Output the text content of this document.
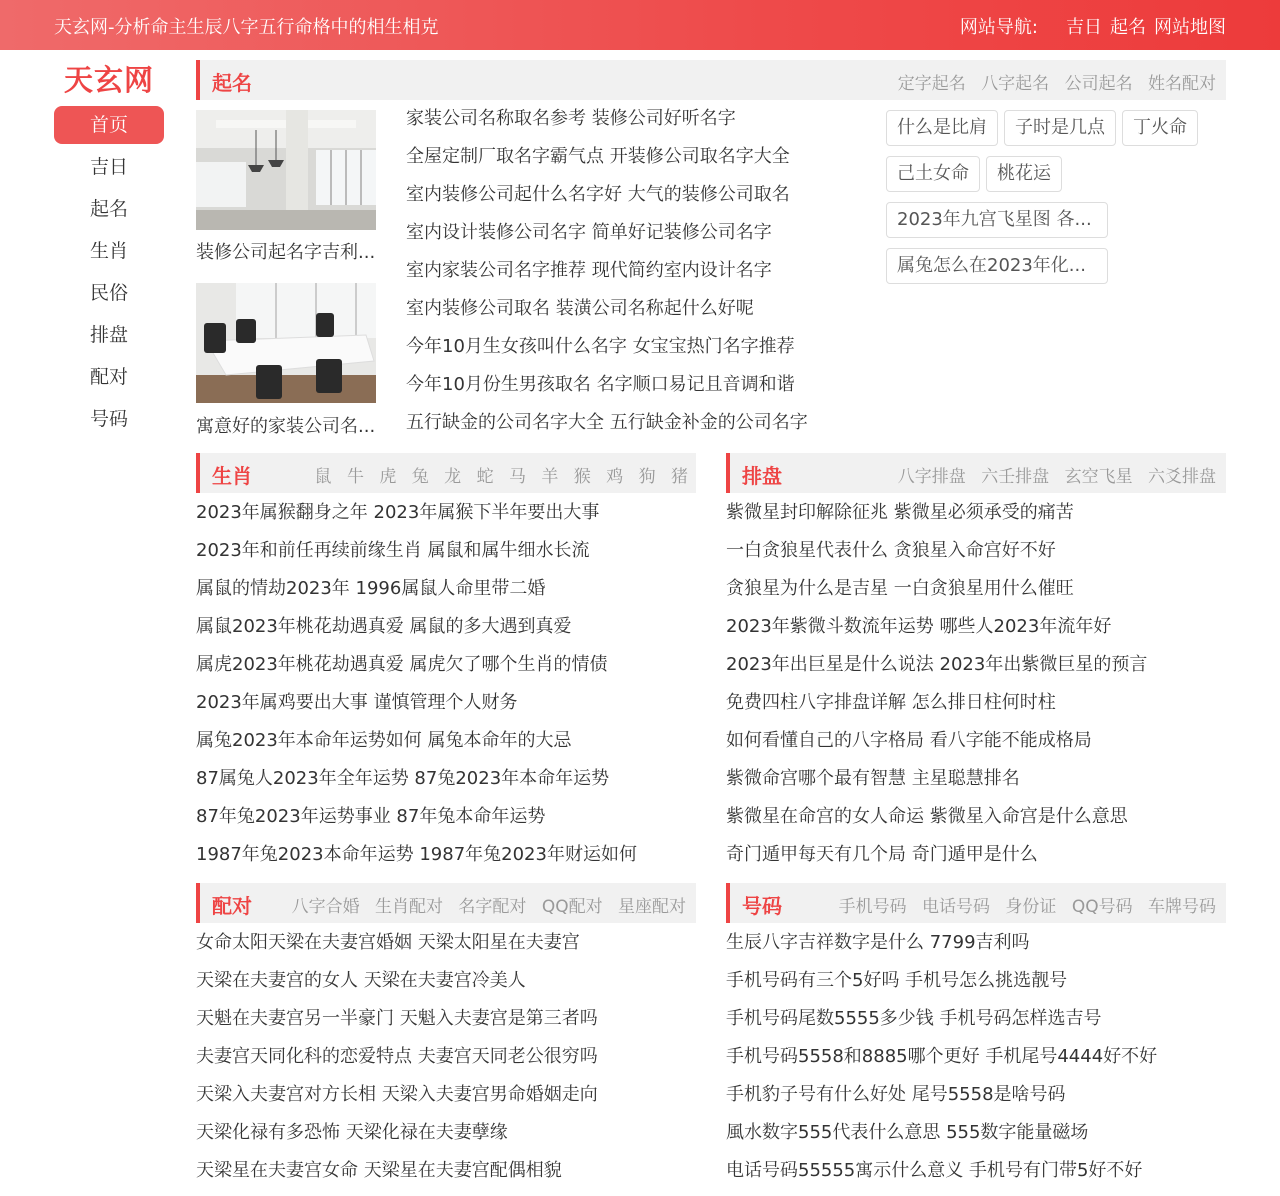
天玄网-分析命主生辰八字五行命格中的相生相克	网站导航: 吉日 起名 网站地图
天玄网
首页
吉日
起名
生肖
民俗
排盘
配对
号码
起名	定字起名 八字起名 公司起名 姓名配对
装修公司起名字吉利...
寓意好的家装公司名...
家装公司名称取名参考 装修公司好听名字
全屋定制厂取名字霸气点 开装修公司取名字大全
室内装修公司起什么名字好 大气的装修公司取名
室内设计装修公司名字 简单好记装修公司名字
室内家装公司名字推荐 现代简约室内设计名字
室内装修公司取名 装潢公司名称起什么好呢
今年10月生女孩叫什么名字 女宝宝热门名字推荐
今年10月份生男孩取名 名字顺口易记且音调和谐
五行缺金的公司名字大全 五行缺金补金的公司名字
什么是比肩 子时是几点 丁火命
己土女命 桃花运
2023年九宫飞星图 各...
属兔怎么在2023年化...
生肖	鼠 牛 虎 兔 龙 蛇 马 羊 猴 鸡 狗 猪
2023年属猴翻身之年 2023年属猴下半年要出大事
2023年和前任再续前缘生肖 属鼠和属牛细水长流
属鼠的情劫2023年 1996属鼠人命里带二婚
属鼠2023年桃花劫遇真爱 属鼠的多大遇到真爱
属虎2023年桃花劫遇真爱 属虎欠了哪个生肖的情债
2023年属鸡要出大事 谨慎管理个人财务
属兔2023年本命年运势如何 属兔本命年的大忌
87属兔人2023年全年运势 87兔2023年本命年运势
87年兔2023年运势事业 87年兔本命年运势
1987年兔2023本命年运势 1987年兔2023年财运如何
排盘	八字排盘 六壬排盘 玄空飞星 六爻排盘
紫微星封印解除征兆 紫微星必须承受的痛苦
一白贪狼星代表什么 贪狼星入命宫好不好
贪狼星为什么是吉星 一白贪狼星用什么催旺
2023年紫微斗数流年运势 哪些人2023年流年好
2023年出巨星是什么说法 2023年出紫微巨星的预言
免费四柱八字排盘详解 怎么排日柱何时柱
如何看懂自己的八字格局 看八字能不能成格局
紫微命宫哪个最有智慧 主星聪慧排名
紫微星在命宫的女人命运 紫微星入命宫是什么意思
奇门遁甲每天有几个局 奇门遁甲是什么
配对	八字合婚 生肖配对 名字配对 QQ配对 星座配对
女命太阳天梁在夫妻宫婚姻 天梁太阳星在夫妻宫
天梁在夫妻宫的女人 天梁在夫妻宫冷美人
天魁在夫妻宫另一半豪门 天魁入夫妻宫是第三者吗
夫妻宫天同化科的恋爱特点 夫妻宫天同老公很穷吗
天梁入夫妻宫对方长相 天梁入夫妻宫男命婚姻走向
天梁化禄有多恐怖 天梁化禄在夫妻孽缘
天梁星在夫妻宫女命 天梁星在夫妻宫配偶相貌
号码	手机号码 电话号码 身份证 QQ号码 车牌号码
生辰八字吉祥数字是什么 7799吉利吗
手机号码有三个5好吗 手机号怎么挑选靓号
手机号码尾数5555多少钱 手机号码怎样选吉号
手机号码5558和8885哪个更好 手机尾号4444好不好
手机豹子号有什么好处 尾号5558是啥号码
風水数字555代表什么意思 555数字能量磁场
电话号码55555寓示什么意义 手机号有门带5好不好
